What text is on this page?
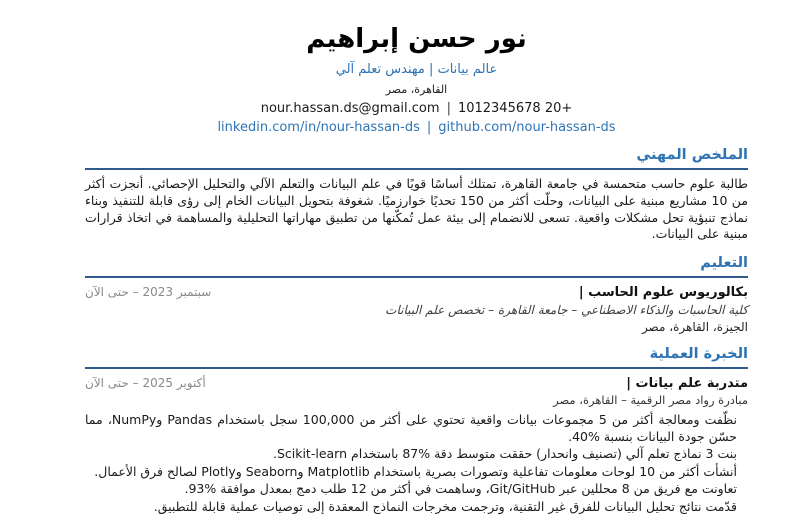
نور حسن إبراهيم
عالم بيانات | مهندس تعلم آلي
القاهرة، مصر
+20 1012345678|nour.hassan.ds@gmail.com
linkedin.com/in/nour-hassan-ds | github.com/nour-hassan-ds
الملخص المهني
طالبة علوم حاسب متحمسة في جامعة القاهرة، تمتلك أساسًا قويًا في علم البيانات والتعلم الآلي والتحليل الإحصائي. أنجزت أكثر من 10 مشاريع مبنية على البيانات، وحلّت أكثر من 150 تحديًا خوارزميًا. شغوفة بتحويل البيانات الخام إلى رؤى قابلة للتنفيذ وبناء نماذج تنبؤية تحل مشكلات واقعية. تسعى للانضمام إلى بيئة عمل تُمكّنها من تطبيق مهاراتها التحليلية والمساهمة في اتخاذ قرارات مبنية على البيانات.
التعليم
بكالوريوس علوم الحاسب |
سبتمبر 2023 – حتى الآن
كلية الحاسبات والذكاء الاصطناعي – جامعة القاهرة – تخصص علم البيانات
الجيزة، القاهرة، مصر
الخبرة العملية
متدربة علم بيانات |
أكتوبر 2025 – حتى الآن
مبادرة رواد مصر الرقمية – القاهرة، مصر
نظّفت ومعالجة أكثر من 5 مجموعات بيانات واقعية تحتوي على أكثر من 100,000 سجل باستخدام Pandas وNumPy، مما حسّن جودة البيانات بنسبة %40.
بنت 3 نماذج تعلم آلي (تصنيف وانحدار) حققت متوسط دقة %87 باستخدام Scikit-learn.
أنشأت أكثر من 10 لوحات معلومات تفاعلية وتصورات بصرية باستخدام Matplotlib وSeaborn وPlotly لصالح فرق الأعمال.
تعاونت مع فريق من 8 محللين عبر Git/GitHub، وساهمت في أكثر من 12 طلب دمج بمعدل موافقة %93.
قدّمت نتائج تحليل البيانات للفرق غير التقنية، وترجمت مخرجات النماذج المعقدة إلى توصيات عملية قابلة للتطبيق.
